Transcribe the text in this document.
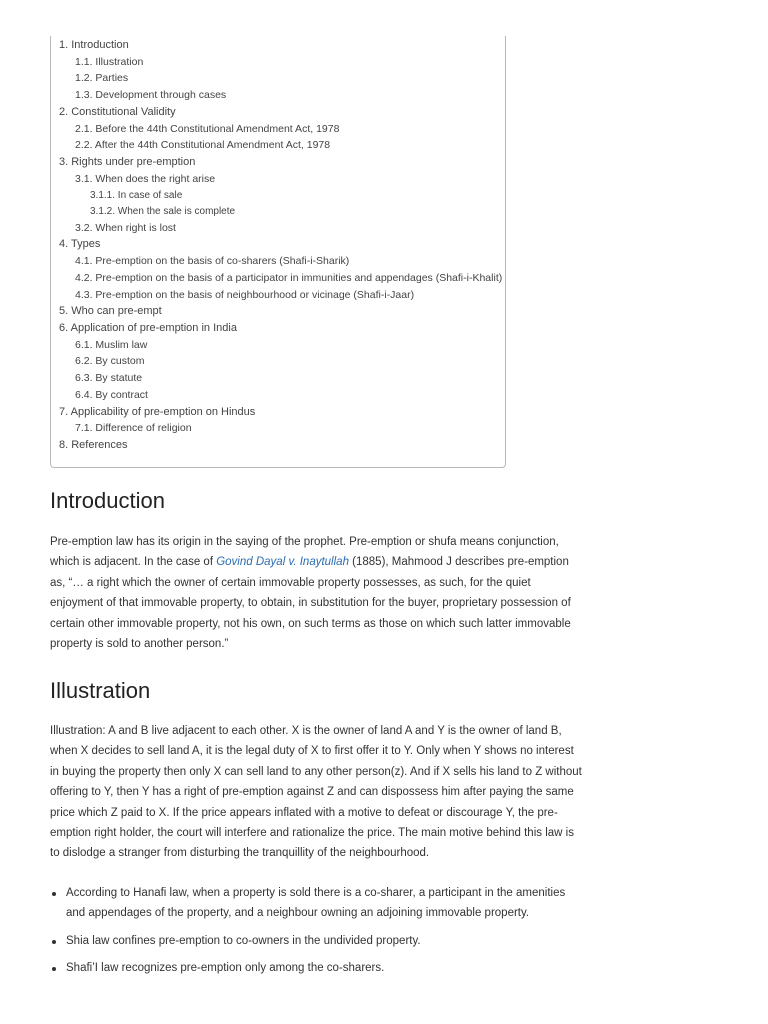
1. Introduction
1.1. Illustration
1.2. Parties
1.3. Development through cases
2. Constitutional Validity
2.1. Before the 44th Constitutional Amendment Act, 1978
2.2. After the 44th Constitutional Amendment Act, 1978
3. Rights under pre-emption
3.1. When does the right arise
3.1.1. In case of sale
3.1.2. When the sale is complete
3.2. When right is lost
4. Types
4.1. Pre-emption on the basis of co-sharers (Shafi-i-Sharik)
4.2. Pre-emption on the basis of a participator in immunities and appendages (Shafi-i-Khalit)
4.3. Pre-emption on the basis of neighbourhood or vicinage (Shafi-i-Jaar)
5. Who can pre-empt
6. Application of pre-emption in India
6.1. Muslim law
6.2. By custom
6.3. By statute
6.4. By contract
7. Applicability of pre-emption on Hindus
7.1. Difference of religion
8. References
Introduction

Pre-emption law has its origin in the saying of the prophet. Pre-emption or shufa means conjunction, which is adjacent. In the case of Govind Dayal v. Inaytullah (1885), Mahmood J describes pre-emption as, “… a right which the owner of certain immovable property possesses, as such, for the quiet enjoyment of that immovable property, to obtain, in substitution for the buyer, proprietary possession of certain other immovable property, not his own, on such terms as those on which such latter immovable property is sold to another person.”

Illustration

Illustration: A and B live adjacent to each other. X is the owner of land A and Y is the owner of land B, when X decides to sell land A, it is the legal duty of X to first offer it to Y. Only when Y shows no interest in buying the property then only X can sell land to any other person(z). And if X sells his land to Z without offering to Y, then Y has a right of pre-emption against Z and can dispossess him after paying the same price which Z paid to X. If the price appears inflated with a motive to defeat or discourage Y, the pre-emption right holder, the court will interfere and rationalize the price. The main motive behind this law is to dislodge a stranger from disturbing the tranquillity of the neighbourhood.

According to Hanafi law, when a property is sold there is a co-sharer, a participant in the amenities and appendages of the property, and a neighbour owning an adjoining immovable property.
Shia law confines pre-emption to co-owners in the undivided property.
Shafi’I law recognizes pre-emption only among the co-sharers.
